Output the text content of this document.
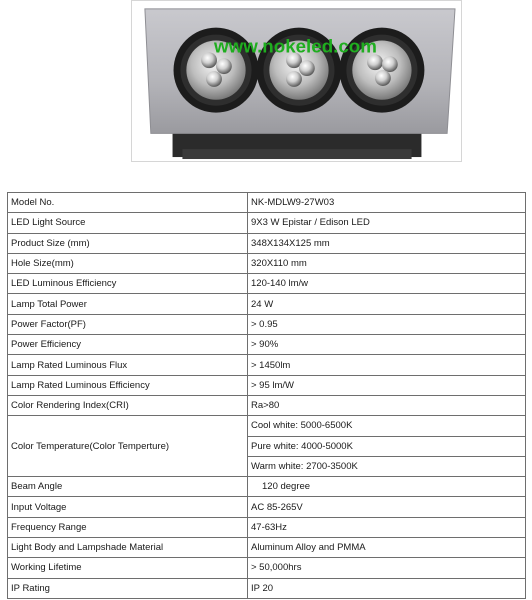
www.nokeled.com
Model No.	NK-MDLW9-27W03
LED Light Source	9X3 W Epistar / Edison LED
Product Size (mm)	348X134X125 mm
Hole Size(mm)	320X110 mm
LED Luminous Efficiency	120-140 lm/w
Lamp Total Power	24 W
Power Factor(PF)	> 0.95
Power Efficiency	> 90%
Lamp Rated Luminous Flux	> 1450lm
Lamp Rated Luminous Efficiency	> 95 lm/W
Color Rendering Index(CRI)	Ra>80
Color Temperature(Color Temperture)	Cool white: 5000-6500K
	Pure white: 4000-5000K
	Warm white: 2700-3500K
Beam Angle	120 degree
Input Voltage	AC 85-265V
Frequency Range	47-63Hz
Light Body and Lampshade Material	Aluminum Alloy and PMMA
Working Lifetime	> 50,000hrs
IP Rating	IP 20
